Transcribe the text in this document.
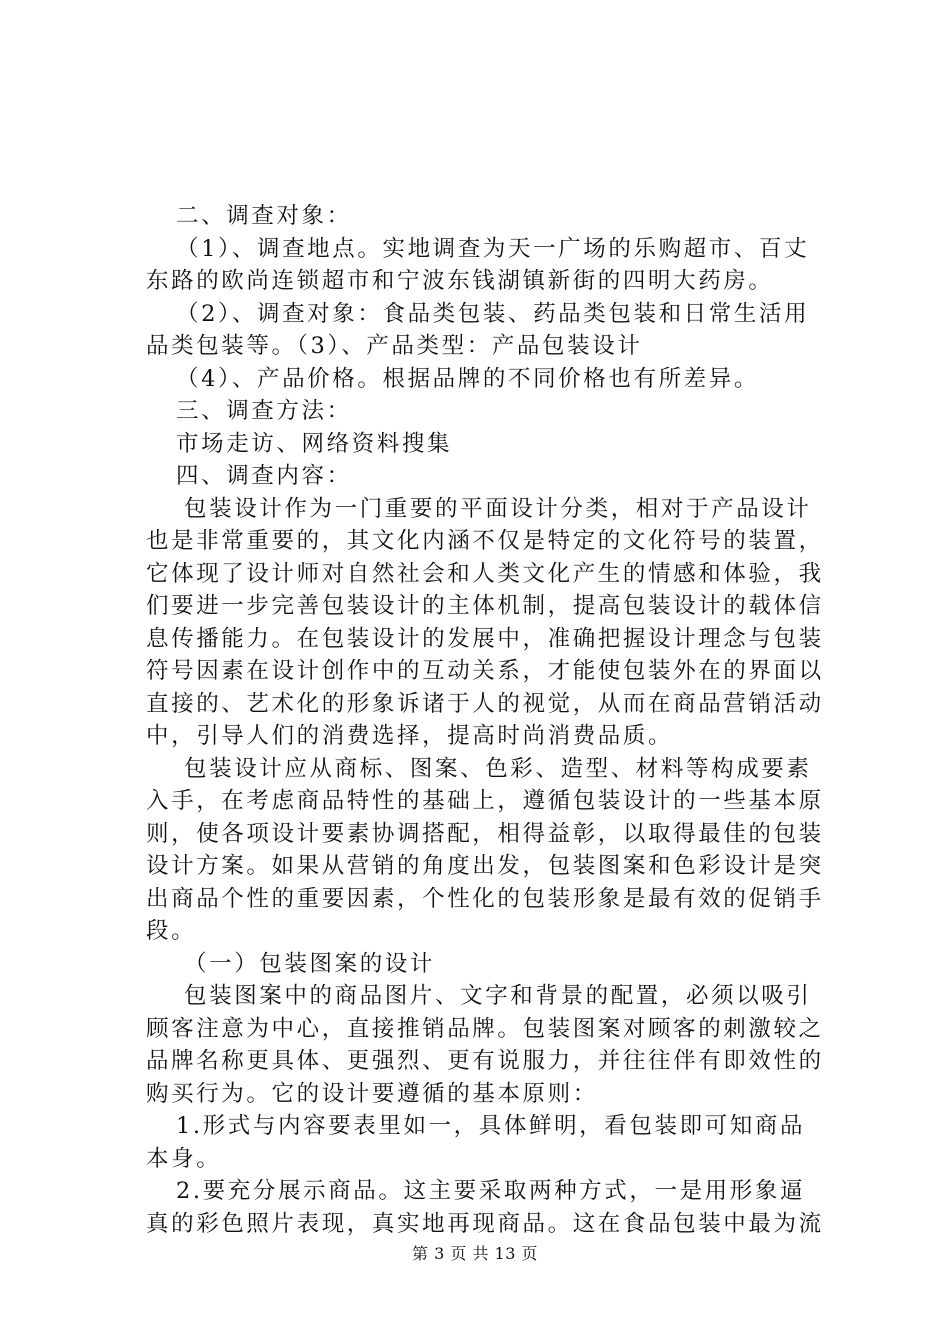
二、调查对象：

（1）、调查地点。实地调查为天一广场的乐购超市、百丈
东路的欧尚连锁超市和宁波东钱湖镇新街的四明大药房。

（2）、调查对象：食品类包装、药品类包装和日常生活用
品类包装等。（3）、产品类型：产品包装设计

（4）、产品价格。根据品牌的不同价格也有所差异。

三、调查方法：

市场走访、网络资料搜集

四、调查内容：

包装设计作为一门重要的平面设计分类，相对于产品设计
也是非常重要的，其文化内涵不仅是特定的文化符号的装置，
它体现了设计师对自然社会和人类文化产生的情感和体验，我
们要进一步完善包装设计的主体机制，提高包装设计的载体信
息传播能力。在包装设计的发展中，准确把握设计理念与包装
符号因素在设计创作中的互动关系，才能使包装外在的界面以
直接的、艺术化的形象诉诸于人的视觉，从而在商品营销活动
中，引导人们的消费选择，提高时尚消费品质。

包装设计应从商标、图案、色彩、造型、材料等构成要素
入手，在考虑商品特性的基础上，遵循包装设计的一些基本原
则，使各项设计要素协调搭配，相得益彰，以取得最佳的包装
设计方案。如果从营销的角度出发，包装图案和色彩设计是突
出商品个性的重要因素，个性化的包装形象是最有效的促销手
段。

（一）包装图案的设计

包装图案中的商品图片、文字和背景的配置，必须以吸引
顾客注意为中心，直接推销品牌。包装图案对顾客的刺激较之
品牌名称更具体、更强烈、更有说服力，并往往伴有即效性的
购买行为。它的设计要遵循的基本原则：

1.形式与内容要表里如一，具体鲜明，看包装即可知商品
本身。

2.要充分展示商品。这主要采取两种方式，一是用形象逼
真的彩色照片表现，真实地再现商品。这在食品包装中最为流

第 3 页 共 13 页
